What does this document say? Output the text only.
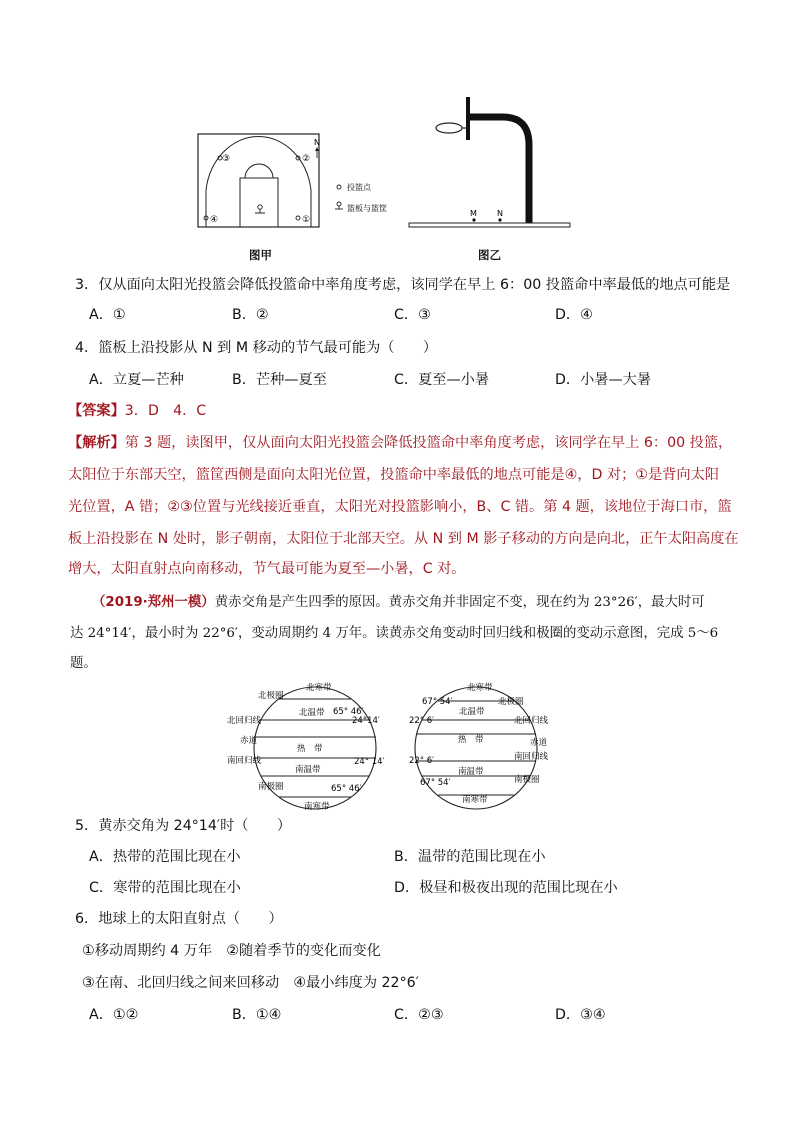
①
②
③
④
N
投篮点
篮板与篮筐
图甲
M	N
图乙
3．仅从面向太阳光投篮会降低投篮命中率角度考虑，该同学在早上 6：00 投篮命中率最低的地点可能是
A．①	B．②	C．③	D．④
4．篮板上沿投影从 N 到 M 移动的节气最可能为（　　）
A．立夏—芒种	B．芒种—夏至	C．夏至—小暑	D．小暑—大暑
【答案】3．D　4．C
【解析】第 3 题，读图甲，仅从面向太阳光投篮会降低投篮命中率角度考虑，该同学在早上 6：00 投篮，
太阳位于东部天空，篮筐西侧是面向太阳光位置，投篮命中率最低的地点可能是④，D 对；①是背向太阳
光位置，A 错；②③位置与光线接近垂直，太阳光对投篮影响小，B、C 错。第 4 题，该地位于海口市，篮
板上沿投影在 N 处时，影子朝南，太阳位于北部天空。从 N 到 M 影子移动的方向是向北，正午太阳高度在
增大，太阳直射点向南移动，节气最可能为夏至—小暑，C 对。
（2019·郑州一模）黄赤交角是产生四季的原因。黄赤交角并非固定不变，现在约为 23°26′，最大时可
达 24°14′，最小时为 22°6′，变动周期约 4 万年。读黄赤交角变动时回归线和极圈的变动示意图，完成 5～6
题。
北寒带
北极圈
65° 46′
北温带
北回归线	24°14′
赤道
热　带
南回归线
南温带
24° 14′
南极圈	65° 46′
南寒带
北寒带
67° 54′	北极圈
北温带
22° 6′	北回归线
热　带	赤道
22° 6′	南回归线
南温带
南极圈
67° 54′
南寒带
5．黄赤交角为 24°14′时（　　）
A．热带的范围比现在小	B．温带的范围比现在小
C．寒带的范围比现在小	D．极昼和极夜出现的范围比现在小
6．地球上的太阳直射点（　　）
①移动周期约 4 万年　②随着季节的变化而变化
③在南、北回归线之间来回移动　④最小纬度为 22°6′
A．①②	B．①④	C．②③	D．③④
